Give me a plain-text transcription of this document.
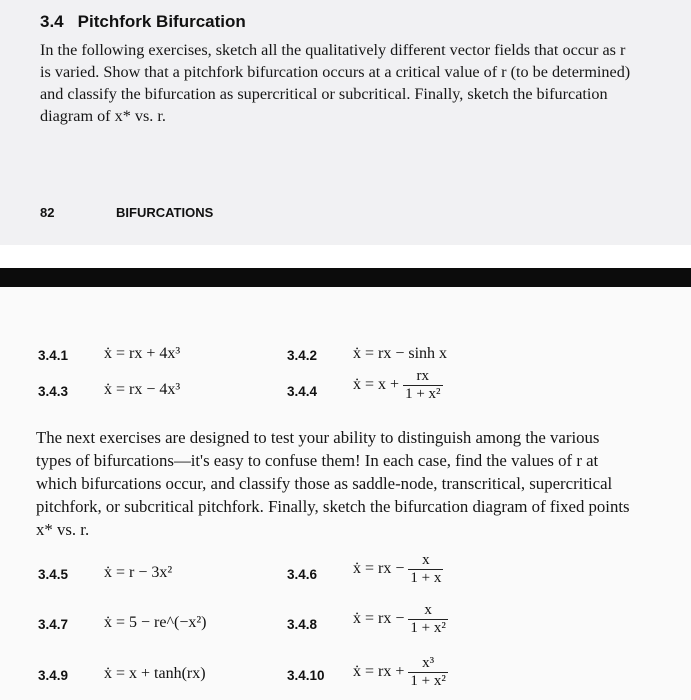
3.4 Pitchfork Bifurcation
In the following exercises, sketch all the qualitatively different vector fields that occur as r is varied. Show that a pitchfork bifurcation occurs at a critical value of r (to be determined) and classify the bifurcation as supercritical or subcritical. Finally, sketch the bifurcation diagram of x* vs. r.
82	BIFURCATIONS
3.4.1 ẋ = rx + 4x³	3.4.2 ẋ = rx − sinh x
3.4.3 ẋ = rx − 4x³	3.4.4 ẋ = $x + \frac{rx}{\text{1 + x²}}$
The next exercises are designed to test your ability to distinguish among the various types of bifurcations—it's easy to confuse them! In each case, find the values of r at which bifurcations occur, and classify those as saddle-node, transcritical, supercritical pitchfork, or subcritical pitchfork. Finally, sketch the bifurcation diagram of fixed points x* vs. r.
3.4.5 ẋ = r − 3x²	3.4.6 ẋ = rx − $\frac{x}{1 + x}$
3.4.7 ẋ = 5 − re^(−x²)	3.4.8 ẋ = rx − $\frac{x}{\text{1 + x²}}$
3.4.9 ẋ = x + tanh(rx)	3.4.10 ẋ = rx + $\frac{\text{x³}}{\text{1 + x²}}$
